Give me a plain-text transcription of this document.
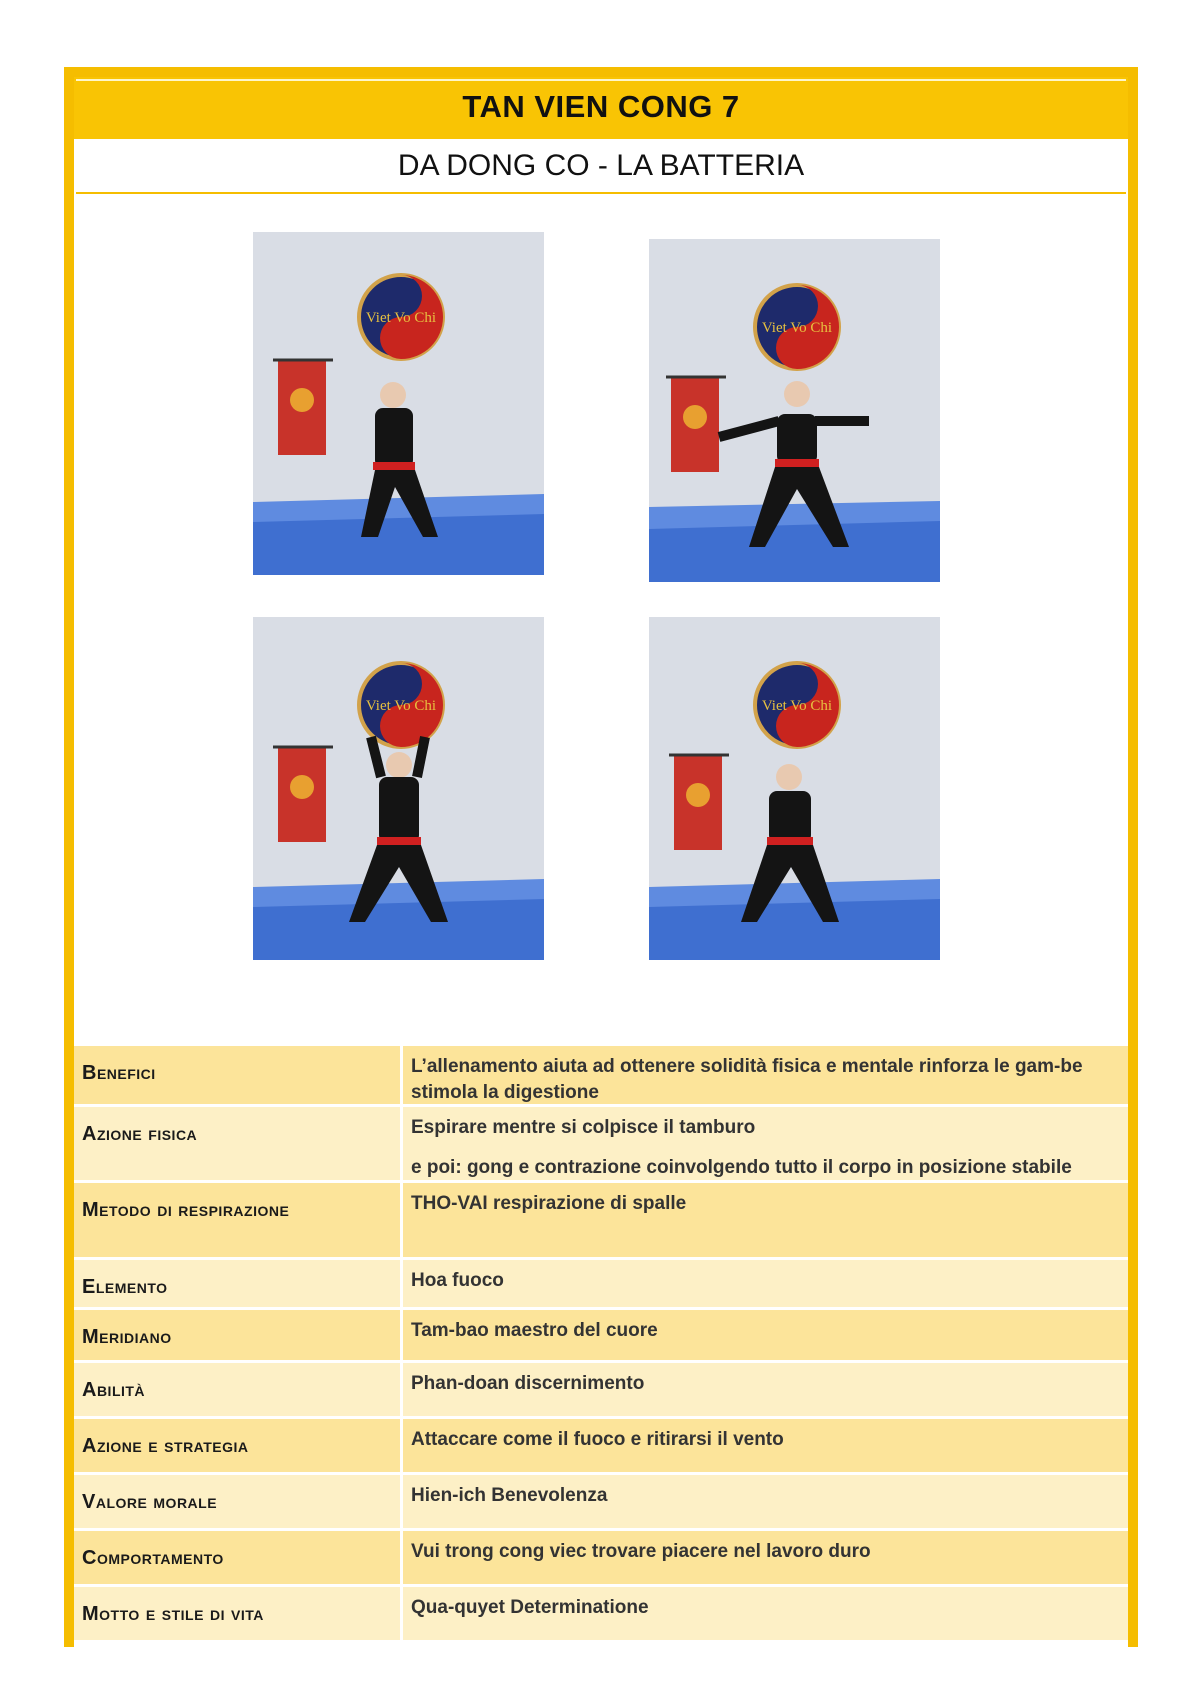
TAN VIEN CONG 7
DA DONG CO - LA BATTERIA
Viet Vo Chi
Viet Vo Chi
Viet Vo Chi	Viet Vo Chi
Benefici	L’allenamento aiuta ad ottenere solidità fisica e mentale rinforza le gam-be stimola la digestione
Azione fisica	Espirare mentre si colpisce il tamburo
e poi: gong e contrazione coinvolgendo tutto il corpo in posizione stabile
Metodo di respirazione	THO-VAI respirazione di spalle
Elemento	Hoa fuoco
Meridiano	Tam-bao maestro del cuore
Abilità	Phan-doan discernimento
Azione e strategia	Attaccare come il fuoco e ritirarsi il vento
Valore morale	Hien-ich Benevolenza
Comportamento	Vui trong cong viec trovare piacere nel lavoro duro
Motto e stile di vita	Qua-quyet Determinatione
